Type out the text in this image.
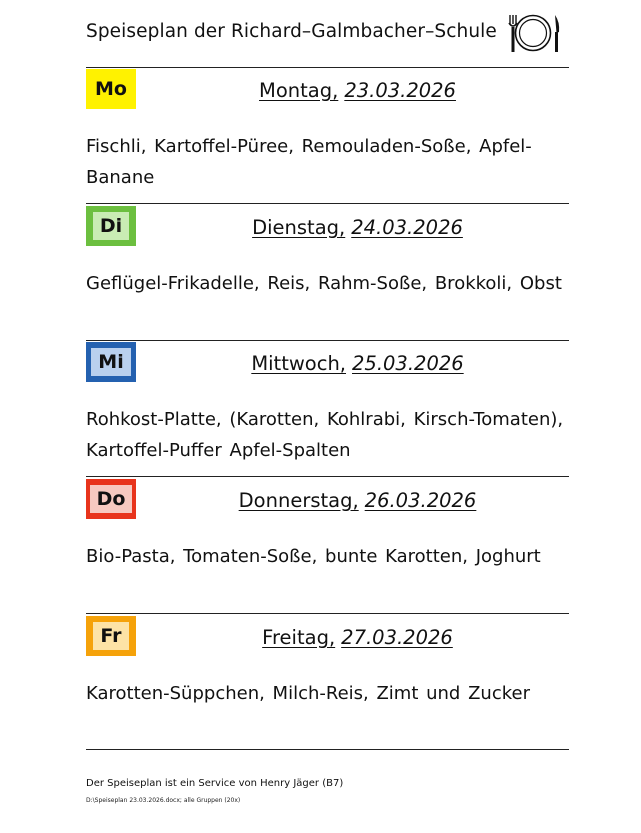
Speiseplan der Richard–Galmbacher–Schule
Mo	Montag, 23.03.2026
Fischli, Kartoffel-Püree, Remouladen-Soße, Apfel-Banane
Di	Dienstag, 24.03.2026
Geflügel-Frikadelle, Reis, Rahm-Soße, Brokkoli, Obst
Mi	Mittwoch, 25.03.2026
Rohkost-Platte, (Karotten, Kohlrabi, Kirsch-Tomaten), Kartoffel-Puffer Apfel-Spalten
Do	Donnerstag, 26.03.2026
Bio-Pasta, Tomaten-Soße, bunte Karotten, Joghurt
Fr	Freitag, 27.03.2026
Karotten-Süppchen, Milch-Reis, Zimt und Zucker
Der Speiseplan ist ein Service von Henry Jäger (B7)
D:\Speiseplan 23.03.2026.docx; alle Gruppen (20x)
